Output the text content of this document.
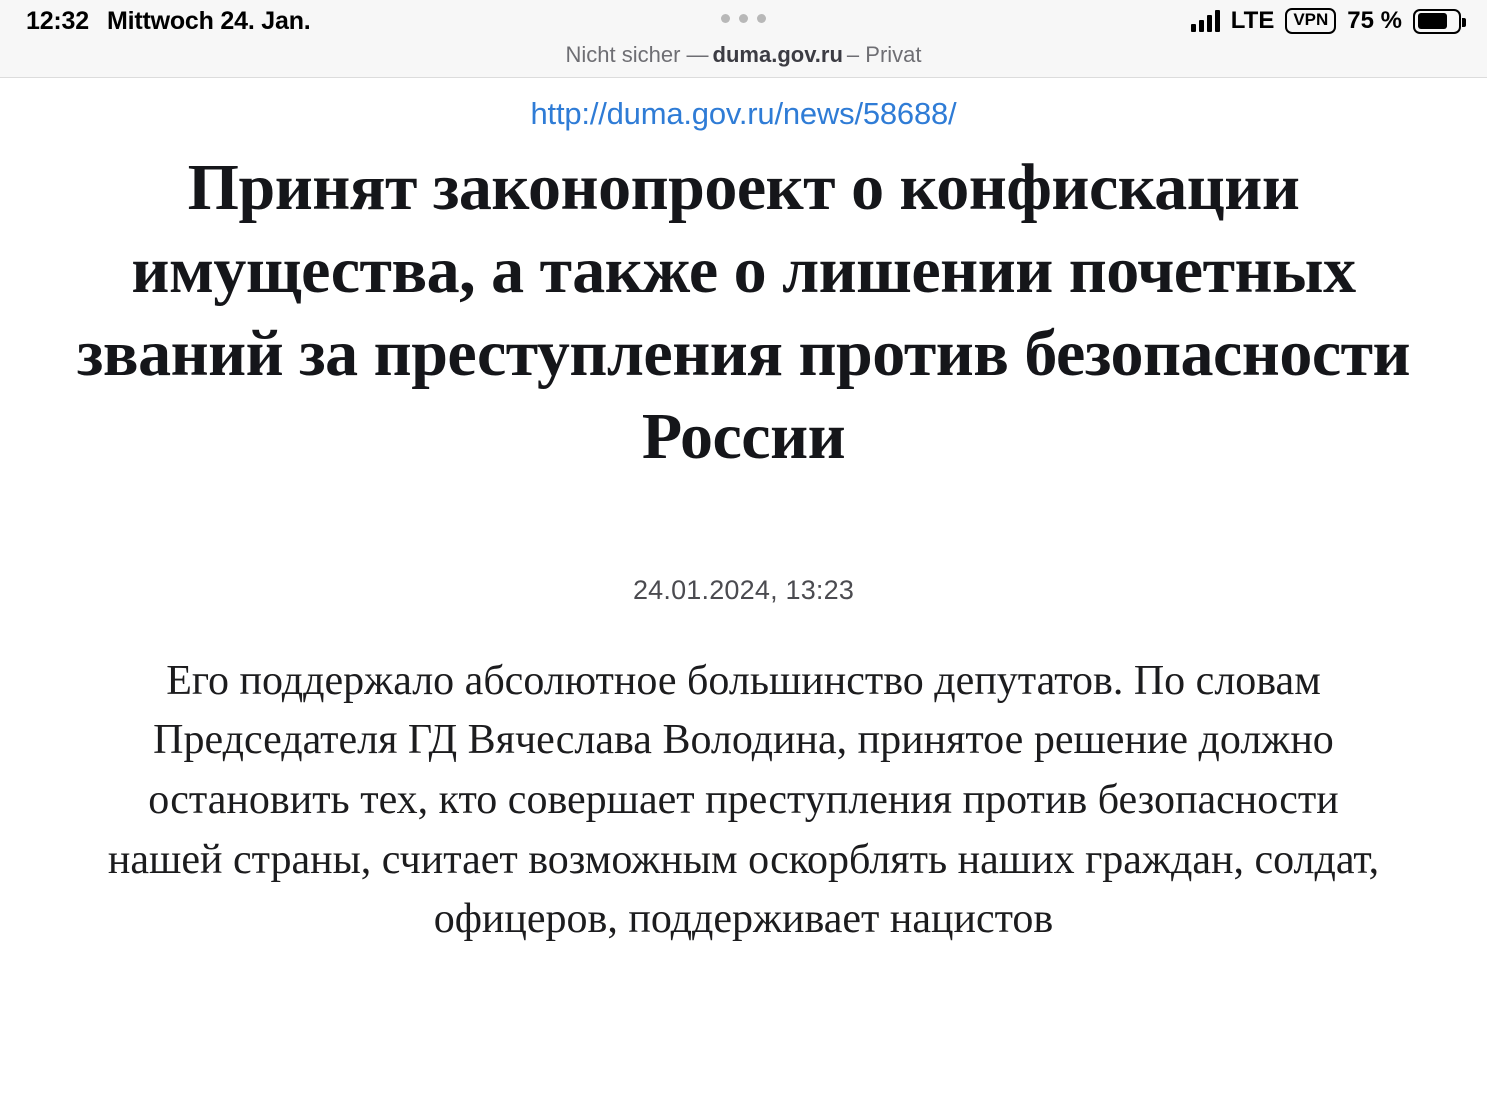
12:32 Mittwoch 24. Jan.	LTE	VPN 75 %
Nicht sicher — duma.gov.ru – Privat
http://duma.gov.ru/news/58688/
Принят законопроект о конфискации имущества, а также о лишении почетных званий за преступления против безопасности России
24.01.2024, 13:23

Его поддержало абсолютное большинство депутатов. По словам Председателя ГД Вячеслава Володина, принятое решение должно остановить тех, кто совершает преступления против безопасности нашей страны, считает возможным оскорблять наших граждан, солдат, офицеров, поддерживает нацистов
